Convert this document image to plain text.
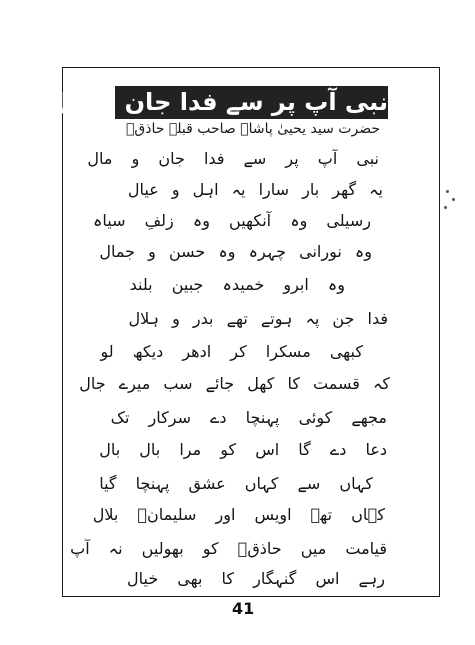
نبی آپ پر سے فدا جان و مال
حضرت سید یحییٰ پاشاہ صاحب قبلہ حاذقؔ
نبی آپ پر سے فدا جان و مال
یہ گھر بار سارا یہ اہل و عیال
رسیلی وہ آنکھیں وہ زلفِ سیاہ
وہ نورانی چہرہ وہ حسن و جمال
وہ ابرو خمیدہ جبین بلند
فدا جن پہ ہوتے تھے بدر و ہلال
کبھی مسکرا کر ادھر دیکھ لو
کہ قسمت کا کھل جائے سب میرے جال
مجھے کوئی پہنچا دے سرکار تک
دعا دے گا اس کو مرا بال بال
کہاں سے کہاں عشق پہنچا گیا
کہاں تھے اویس اور سلیمانؓ بلال
قیامت میں حاذقؔ کو بھولیں نہ آپ
رہے اس گنہگار کا بھی خیال
41
